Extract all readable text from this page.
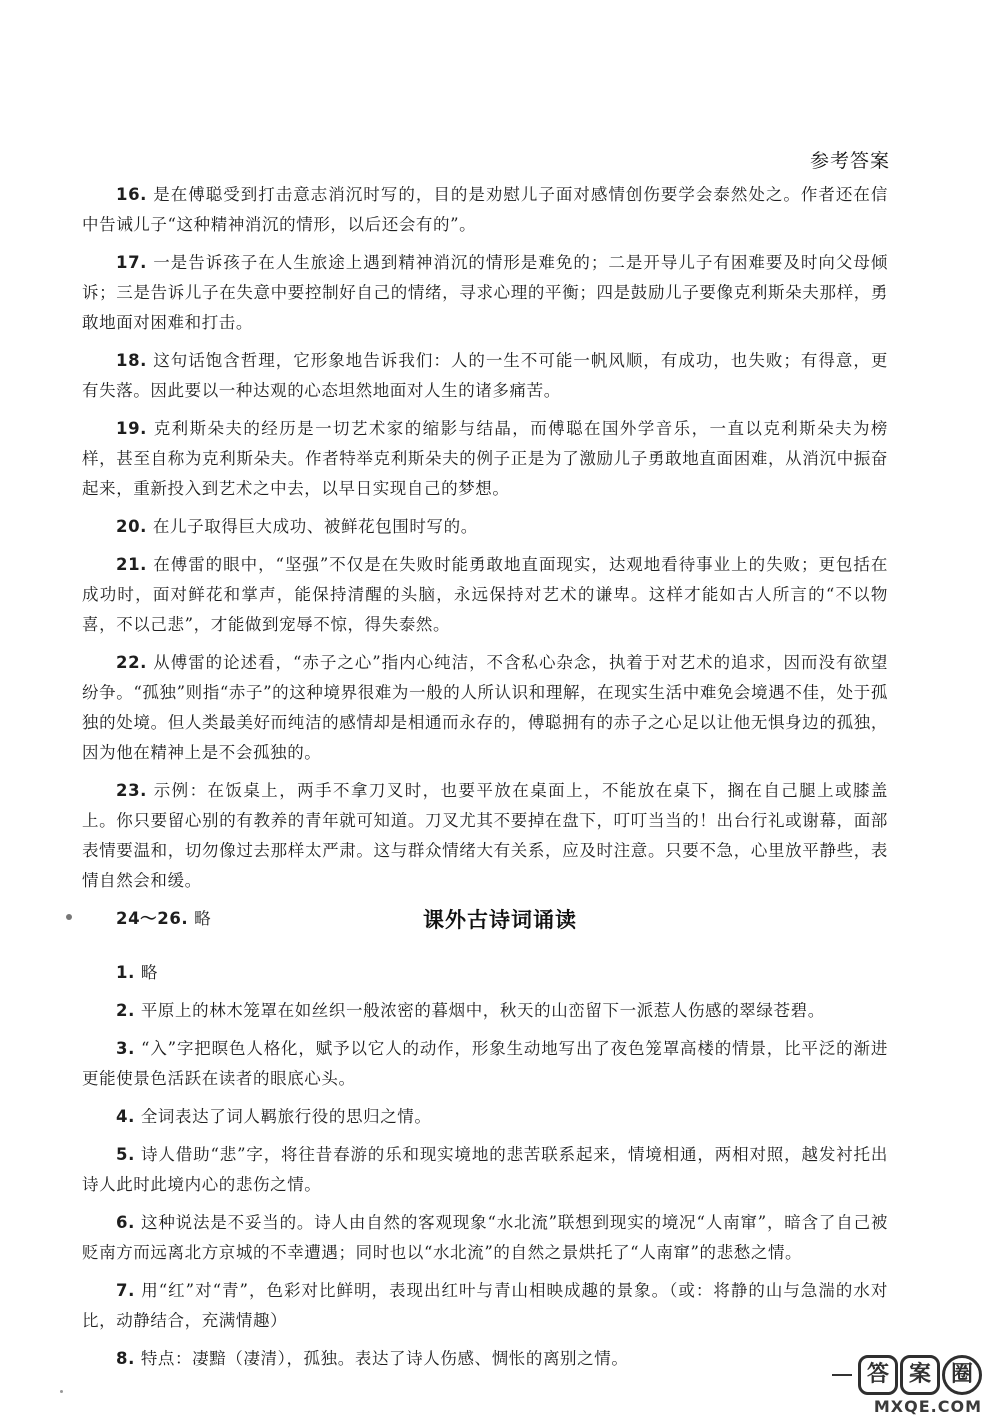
参考答案

16. 是在傅聪受到打击意志消沉时写的，目的是劝慰儿子面对感情创伤要学会泰然处之。作者还在信中告诫儿子“这种精神消沉的情形，以后还会有的”。

17. 一是告诉孩子在人生旅途上遇到精神消沉的情形是难免的；二是开导儿子有困难要及时向父母倾诉；三是告诉儿子在失意中要控制好自己的情绪，寻求心理的平衡；四是鼓励儿子要像克利斯朵夫那样，勇敢地面对困难和打击。

18. 这句话饱含哲理，它形象地告诉我们：人的一生不可能一帆风顺，有成功，也失败；有得意，更有失落。因此要以一种达观的心态坦然地面对人生的诸多痛苦。

19. 克利斯朵夫的经历是一切艺术家的缩影与结晶，而傅聪在国外学音乐，一直以克利斯朵夫为榜样，甚至自称为克利斯朵夫。作者特举克利斯朵夫的例子正是为了激励儿子勇敢地直面困难，从消沉中振奋起来，重新投入到艺术之中去，以早日实现自己的梦想。

20. 在儿子取得巨大成功、被鲜花包围时写的。

21. 在傅雷的眼中，“坚强”不仅是在失败时能勇敢地直面现实，达观地看待事业上的失败；更包括在成功时，面对鲜花和掌声，能保持清醒的头脑，永远保持对艺术的谦卑。这样才能如古人所言的“不以物喜，不以己悲”，才能做到宠辱不惊，得失泰然。

22. 从傅雷的论述看，“赤子之心”指内心纯洁，不含私心杂念，执着于对艺术的追求，因而没有欲望纷争。“孤独”则指“赤子”的这种境界很难为一般的人所认识和理解，在现实生活中难免会境遇不佳，处于孤独的处境。但人类最美好而纯洁的感情却是相通而永存的，傅聪拥有的赤子之心足以让他无惧身边的孤独，因为他在精神上是不会孤独的。

23. 示例：在饭桌上，两手不拿刀叉时，也要平放在桌面上，不能放在桌下，搁在自己腿上或膝盖上。你只要留心别的有教养的青年就可知道。刀叉尤其不要掉在盘下，叮叮当当的！出台行礼或谢幕，面部表情要温和，切勿像过去那样太严肃。这与群众情绪大有关系，应及时注意。只要不急，心里放平静些，表情自然会和缓。

24～26. 略	课外古诗词诵读

1. 略

2. 平原上的林木笼罩在如丝织一般浓密的暮烟中，秋天的山峦留下一派惹人伤感的翠绿苍碧。

3. “入”字把暝色人格化，赋予以它人的动作，形象生动地写出了夜色笼罩高楼的情景，比平泛的渐进更能使景色活跃在读者的眼底心头。

4. 全词表达了词人羁旅行役的思归之情。

5. 诗人借助“悲”字，将往昔春游的乐和现实境地的悲苦联系起来，情境相通，两相对照，越发衬托出诗人此时此境内心的悲伤之情。

6. 这种说法是不妥当的。诗人由自然的客观现象“水北流”联想到现实的境况“人南窜”，暗含了自己被贬南方而远离北方京城的不幸遭遇；同时也以“水北流”的自然之景烘托了“人南窜”的悲愁之情。

7. 用“红”对“青”，色彩对比鲜明，表现出红叶与青山相映成趣的景象。（或：将静的山与急湍的水对比，动静结合，充满情趣）

8. 特点：凄黯（凄清），孤独。表达了诗人伤感、惆怅的离别之情。

答 案 圈
MXQE.COM
